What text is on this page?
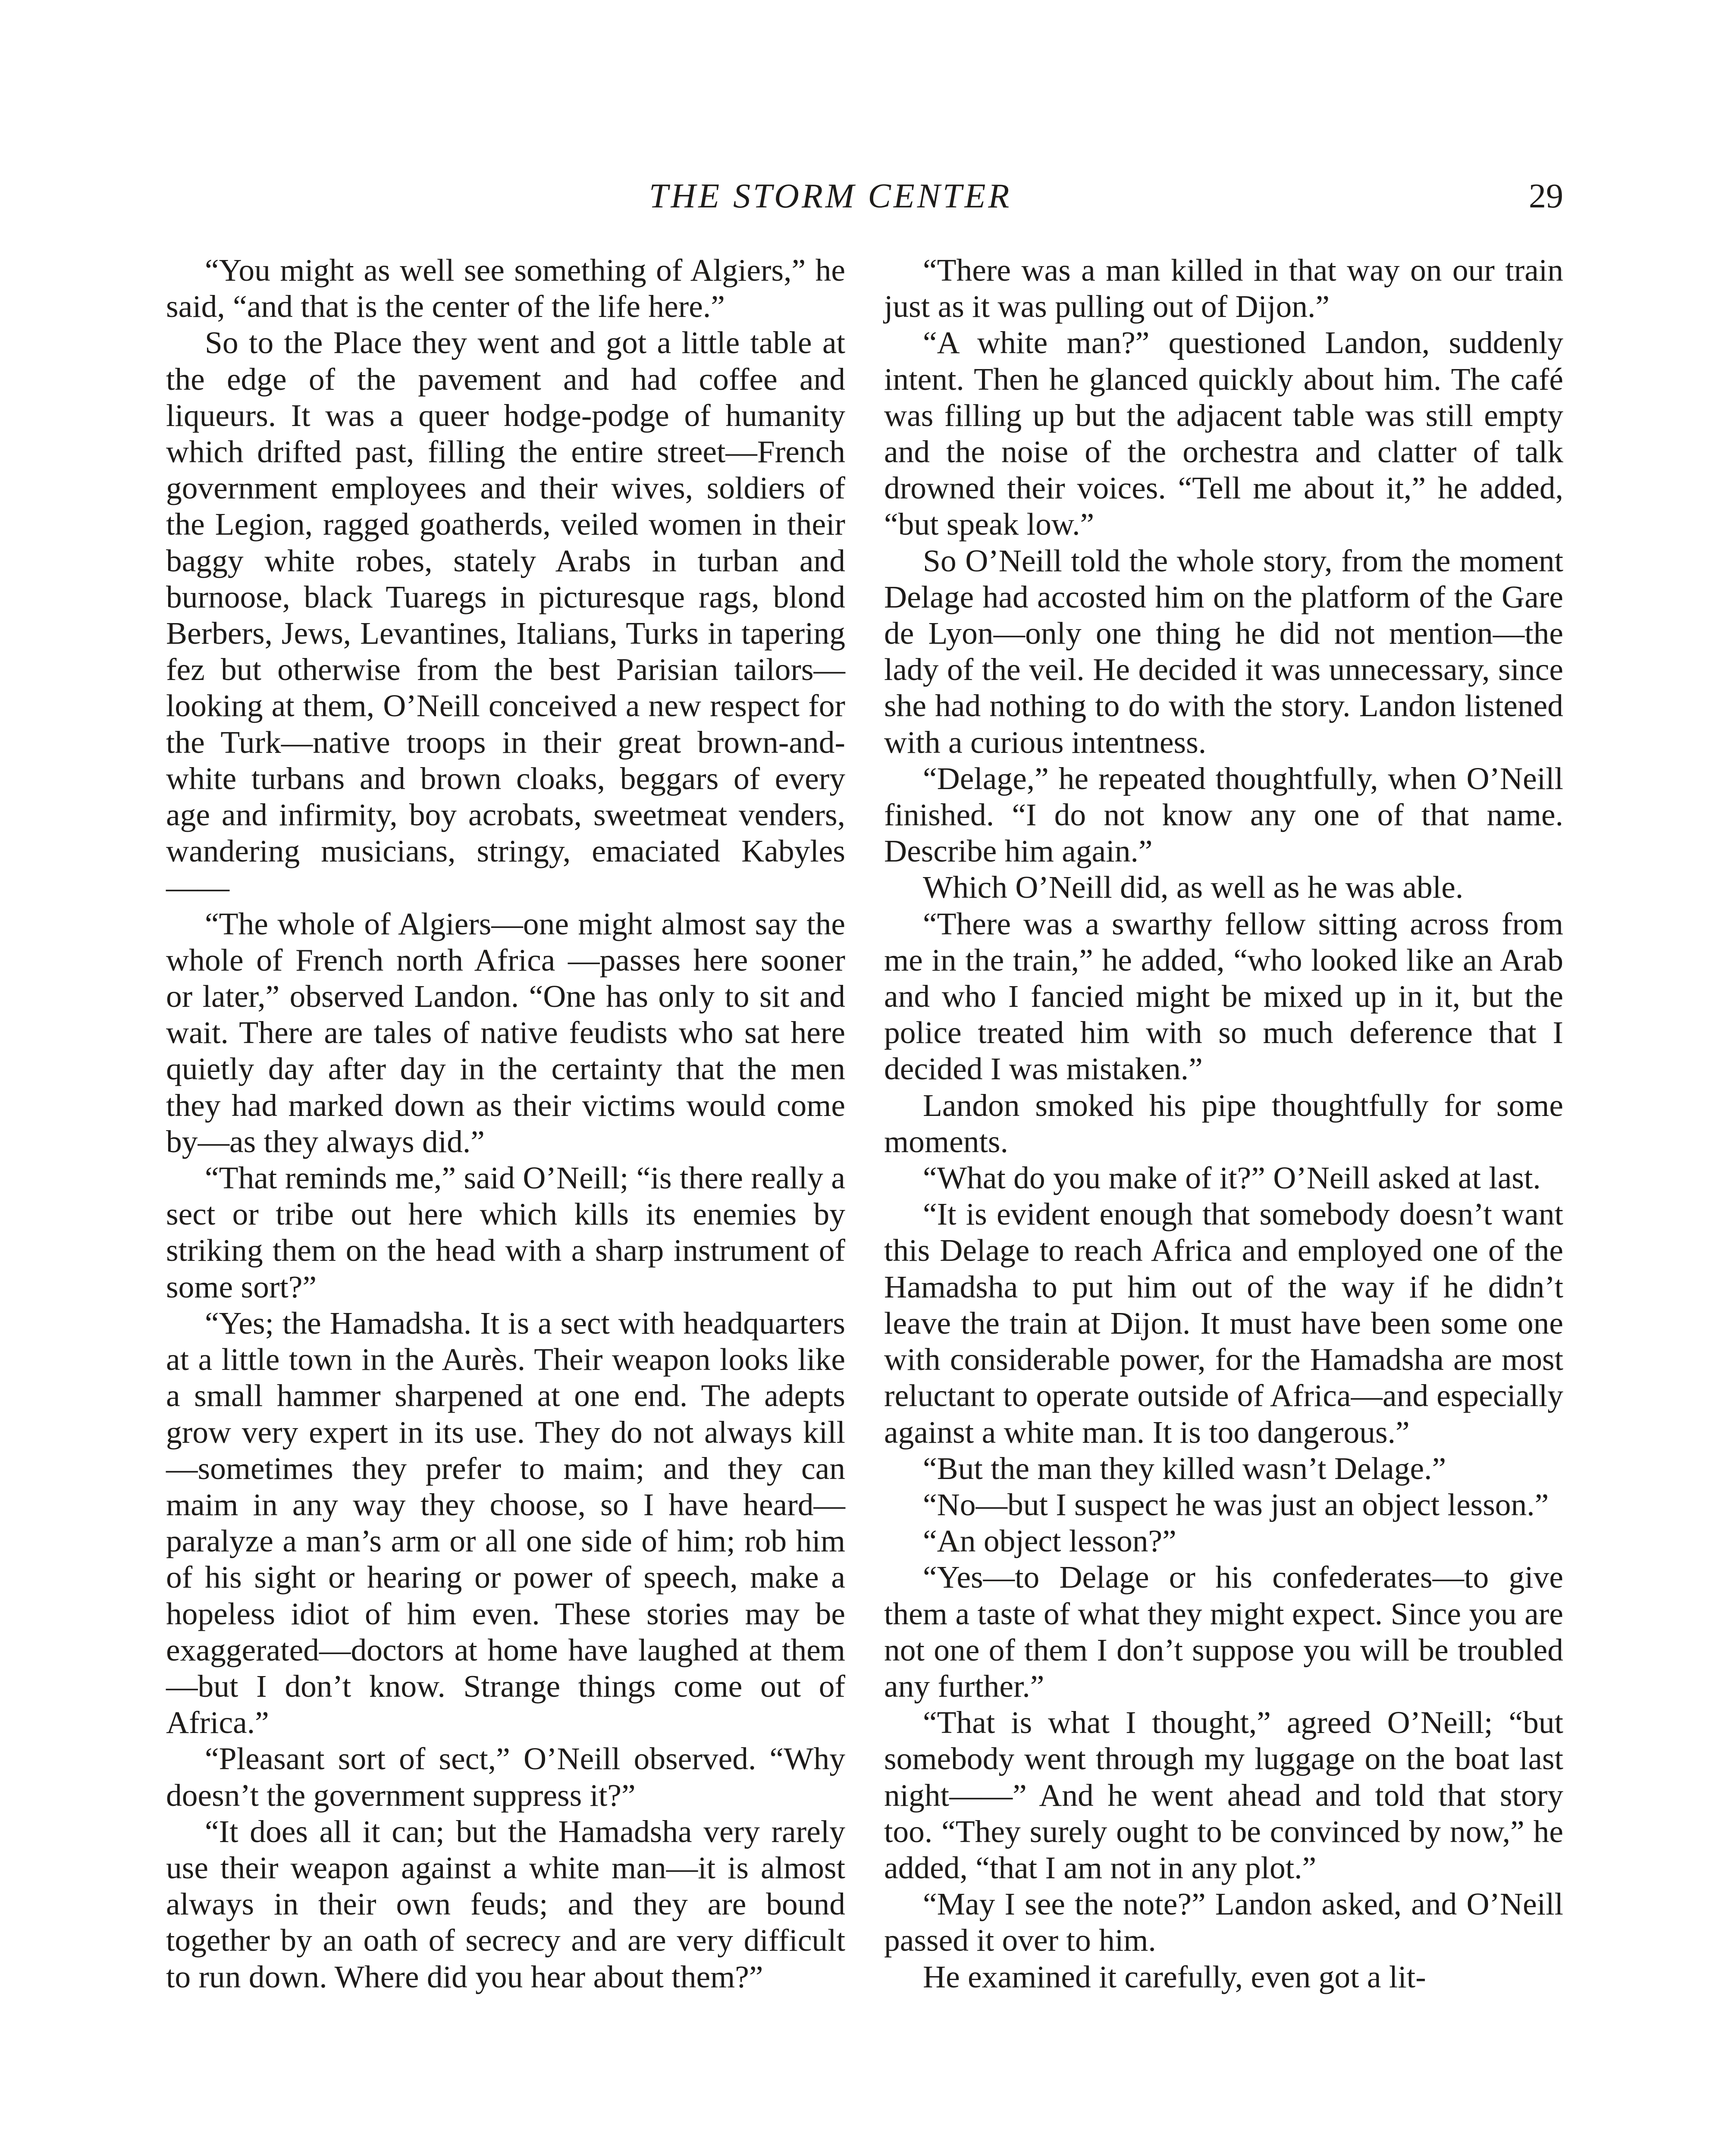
THE STORM CENTER	29

“You might as well see something of Algiers,” he said, “and that is the center of the life here.”

So to the Place they went and got a little table at the edge of the pavement and had coffee and liqueurs. It was a queer hodge-podge of humanity which drifted past, filling the entire street—French government employees and their wives, soldiers of the Legion, ragged goatherds, veiled women in their baggy white robes, stately Arabs in turban and burnoose, black Tuaregs in picturesque rags, blond Berbers, Jews, Levantines, Italians, Turks in tapering fez but otherwise from the best Parisian tailors—looking at them, O’Neill conceived a new respect for the Turk—native troops in their great brown-and-white turbans and brown cloaks, beggars of every age and infirmity, boy acrobats, sweetmeat venders, wandering musicians, stringy, emaciated Kabyles——

“The whole of Algiers—one might almost say the whole of French north Africa —passes here sooner or later,” observed Landon. “One has only to sit and wait. There are tales of native feudists who sat here quietly day after day in the certainty that the men they had marked down as their victims would come by—as they always did.”

“That reminds me,” said O’Neill; “is there really a sect or tribe out here which kills its enemies by striking them on the head with a sharp instrument of some sort?”

“Yes; the Hamadsha. It is a sect with headquarters at a little town in the Aurès. Their weapon looks like a small hammer sharpened at one end. The adepts grow very expert in its use. They do not always kill—sometimes they prefer to maim; and they can maim in any way they choose, so I have heard—paralyze a man’s arm or all one side of him; rob him of his sight or hearing or power of speech, make a hopeless idiot of him even. These stories may be exaggerated—doctors at home have laughed at them—but I don’t know. Strange things come out of Africa.”

“Pleasant sort of sect,” O’Neill observed. “Why doesn’t the government suppress it?”

“It does all it can; but the Hamadsha very rarely use their weapon against a white man—it is almost always in their own feuds; and they are bound together by an oath of secrecy and are very difficult to run down. Where did you hear about them?”

“There was a man killed in that way on our train just as it was pulling out of Dijon.”

“A white man?” questioned Landon, suddenly intent. Then he glanced quickly about him. The café was filling up but the adjacent table was still empty and the noise of the orchestra and clatter of talk drowned their voices. “Tell me about it,” he added, “but speak low.”

So O’Neill told the whole story, from the moment Delage had accosted him on the platform of the Gare de Lyon—only one thing he did not mention—the lady of the veil. He decided it was unnecessary, since she had nothing to do with the story. Landon listened with a curious intentness.

“Delage,” he repeated thoughtfully, when O’Neill finished. “I do not know any one of that name. Describe him again.”

Which O’Neill did, as well as he was able.

“There was a swarthy fellow sitting across from me in the train,” he added, “who looked like an Arab and who I fancied might be mixed up in it, but the police treated him with so much deference that I decided I was mistaken.”

Landon smoked his pipe thoughtfully for some moments.

“What do you make of it?” O’Neill asked at last.

“It is evident enough that somebody doesn’t want this Delage to reach Africa and employed one of the Hamadsha to put him out of the way if he didn’t leave the train at Dijon. It must have been some one with considerable power, for the Hamadsha are most reluctant to operate outside of Africa—and especially against a white man. It is too dangerous.”

“But the man they killed wasn’t Delage.”

“No—but I suspect he was just an object lesson.”

“An object lesson?”

“Yes—to Delage or his confederates—to give them a taste of what they might expect. Since you are not one of them I don’t suppose you will be troubled any further.”

“That is what I thought,” agreed O’Neill; “but somebody went through my luggage on the boat last night——” And he went ahead and told that story too. “They surely ought to be convinced by now,” he added, “that I am not in any plot.”

“May I see the note?” Landon asked, and O’Neill passed it over to him.

He examined it carefully, even got a lit-
